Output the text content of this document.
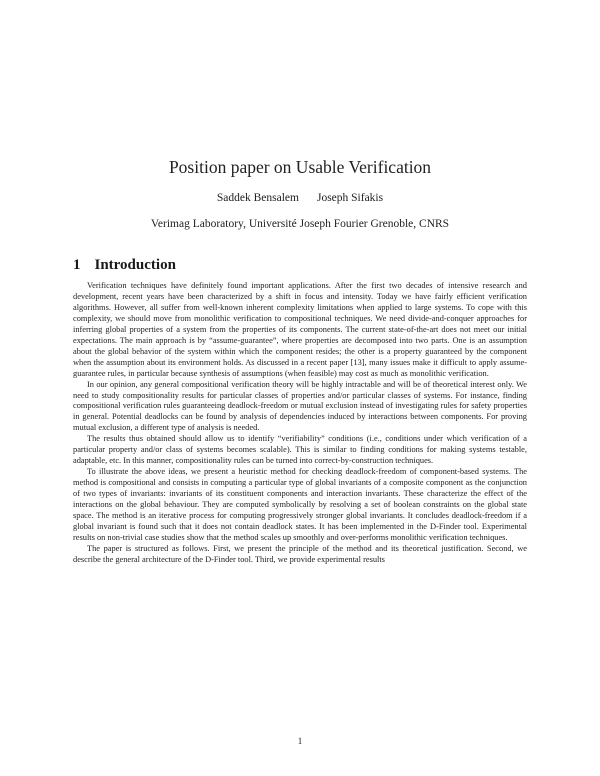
Position paper on Usable Verification
Saddek Bensalem Joseph Sifakis
Verimag Laboratory, Université Joseph Fourier Grenoble, CNRS
1 Introduction

Verification techniques have definitely found important applications. After the first two decades of intensive research and development, recent years have been characterized by a shift in focus and intensity. Today we have fairly efficient verification algorithms. However, all suffer from well-known inherent complexity limitations when applied to large systems. To cope with this complexity, we should move from monolithic verification to compositional techniques. We need divide-and-conquer approaches for inferring global properties of a system from the properties of its components. The current state-of-the-art does not meet our initial expectations. The main approach is by “assume-guarantee”, where properties are decomposed into two parts. One is an assumption about the global behavior of the system within which the component resides; the other is a property guaranteed by the component when the assumption about its environment holds. As discussed in a recent paper [13], many issues make it difficult to apply assume-guarantee rules, in particular because synthesis of assumptions (when feasible) may cost as much as monolithic verification.

In our opinion, any general compositional verification theory will be highly intractable and will be of theoretical interest only. We need to study compositionality results for particular classes of properties and/or particular classes of systems. For instance, finding compositional verification rules guaranteeing deadlock-freedom or mutual exclusion instead of investigating rules for safety properties in general. Potential deadlocks can be found by analysis of dependencies induced by interactions between components. For proving mutual exclusion, a different type of analysis is needed.

The results thus obtained should allow us to identify “verifiability” conditions (i.e., conditions under which verification of a particular property and/or class of systems becomes scalable). This is similar to finding conditions for making systems testable, adaptable, etc. In this manner, compositionality rules can be turned into correct-by-construction techniques.

To illustrate the above ideas, we present a heuristic method for checking deadlock-freedom of component-based systems. The method is compositional and consists in computing a particular type of global invariants of a composite component as the conjunction of two types of invariants: invariants of its constituent components and interaction invariants. These characterize the effect of the interactions on the global behaviour. They are computed symbolically by resolving a set of boolean constraints on the global state space. The method is an iterative process for computing progressively stronger global invariants. It concludes deadlock-freedom if a global invariant is found such that it does not contain deadlock states. It has been implemented in the D-Finder tool. Experimental results on non-trivial case studies show that the method scales up smoothly and over-performs monolithic verification techniques.

The paper is structured as follows. First, we present the principle of the method and its theoretical justification. Second, we describe the general architecture of the D-Finder tool. Third, we provide experimental results

1
